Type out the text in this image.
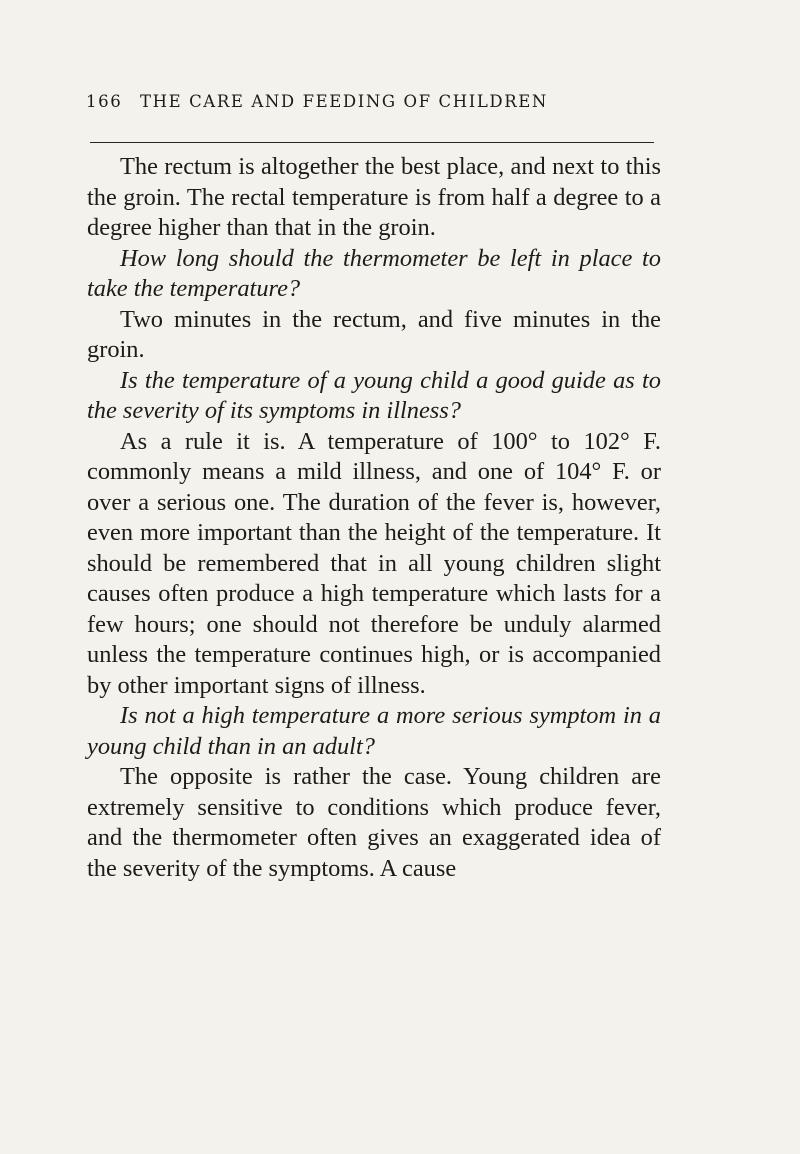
166 THE CARE AND FEEDING OF CHILDREN

The rectum is altogether the best place, and next to this the groin. The rectal temperature is from half a degree to a degree higher than that in the groin.

How long should the thermometer be left in place to take the temperature?

Two minutes in the rectum, and five minutes in the groin.

Is the temperature of a young child a good guide as to the severity of its symptoms in illness?

As a rule it is. A temperature of 100° to 102° F. commonly means a mild illness, and one of 104° F. or over a serious one. The duration of the fever is, however, even more important than the height of the temperature. It should be remembered that in all young children slight causes often produce a high temperature which lasts for a few hours; one should not therefore be unduly alarmed unless the temperature continues high, or is accompanied by other important signs of illness.

Is not a high temperature a more serious symptom in a young child than in an adult?

The opposite is rather the case. Young children are extremely sensitive to conditions which produce fever, and the thermometer often gives an exaggerated idea of the severity of the symptoms. A cause
